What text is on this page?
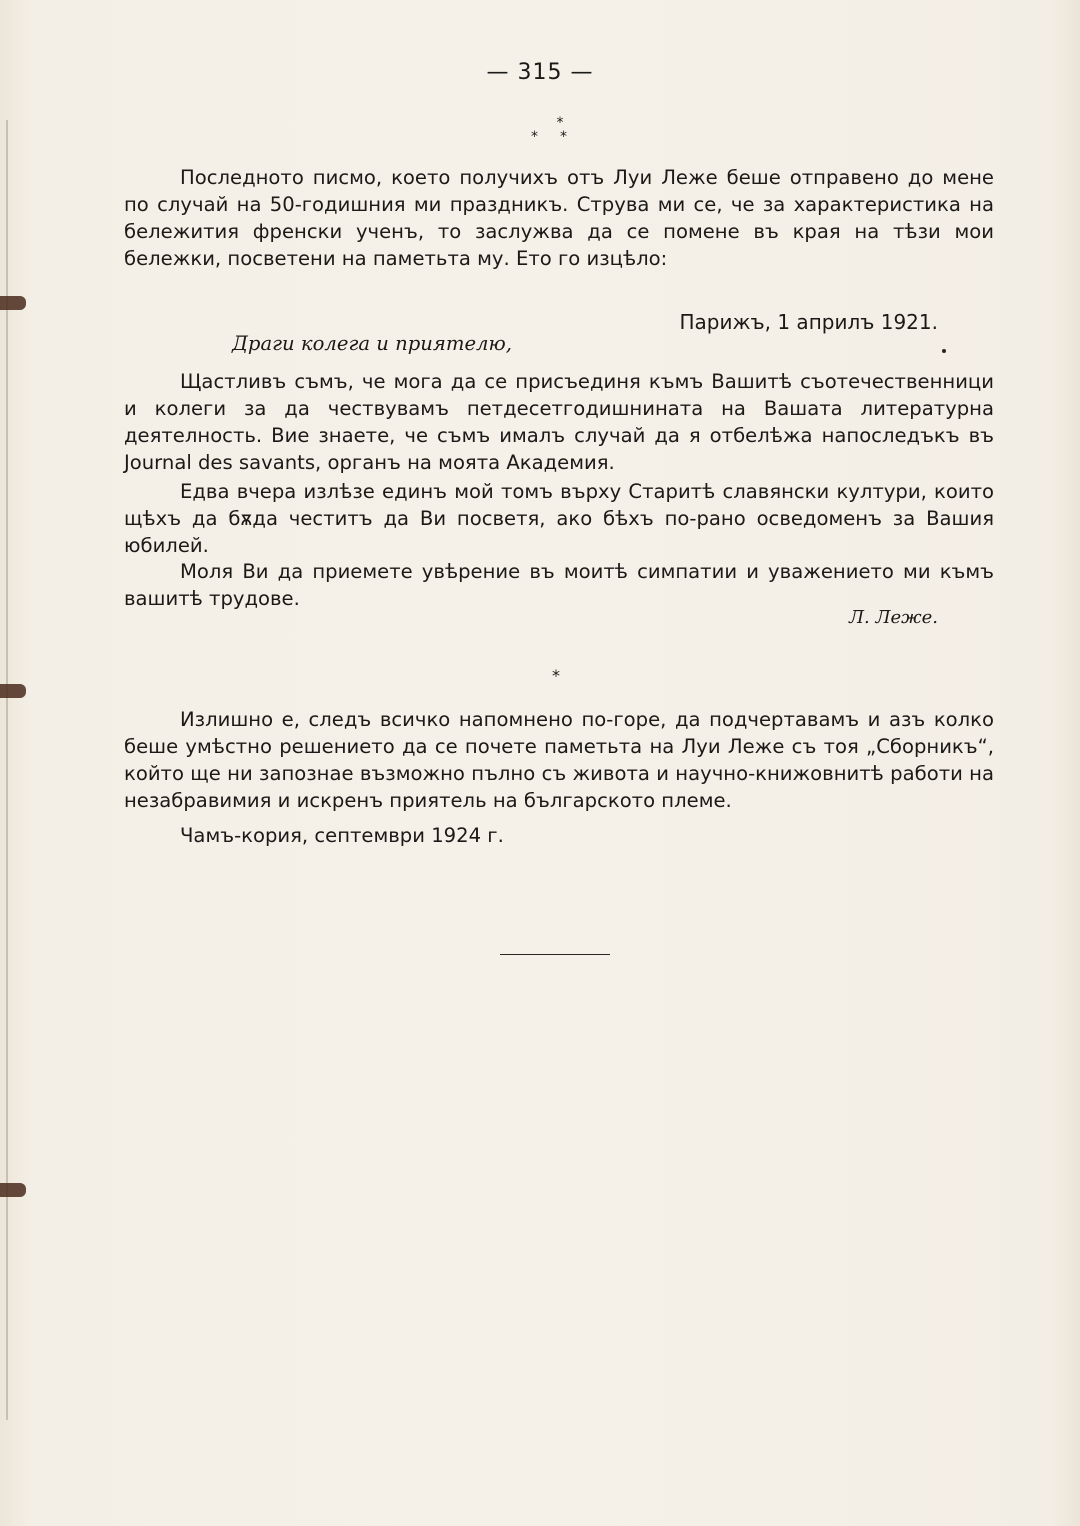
— 315 —
*
**

Последното писмо, което получихъ отъ Луи Леже беше отправено до мене по случай на 50-годишния ми праздникъ. Струва ми се, че за характеристика на бележития френски ученъ, то заслужва да се помене въ края на тѣзи мои бележки, посветени на паметьта му. Ето го изцѣло:

Парижъ, 1 априлъ 1921.
Драги колега и приятелю,

Щастливъ съмъ, че мога да се присъединя къмъ Вашитѣ съотечественници и колеги за да чествувамъ петдесетгодишнината на Вашата литературна деятелность. Вие знаете, че съмъ ималъ случай да я отбелѣжа напоследъкъ въ Journal des savants, органъ на моята Академия.

Едва вчера излѣзе единъ мой томъ върху Старитѣ славянски култури, които щѣхъ да бѫда честитъ да Ви посветя, ако бѣхъ по-рано осведоменъ за Вашия юбилей.

Моля Ви да приемете увѣрение въ моитѣ симпатии и уважението ми къмъ вашитѣ трудове.

Л. Леже.
*

Излишно е, следъ всичко напомнено по-горе, да подчертавамъ и азъ колко беше умѣстно решението да се почете паметьта на Луи Леже съ тоя „Сборникъ“, който ще ни запознае възможно пълно съ живота и научно-книжовнитѣ работи на незабравимия и искренъ приятель на българското племе.

Чамъ-кория, септември 1924 г.
